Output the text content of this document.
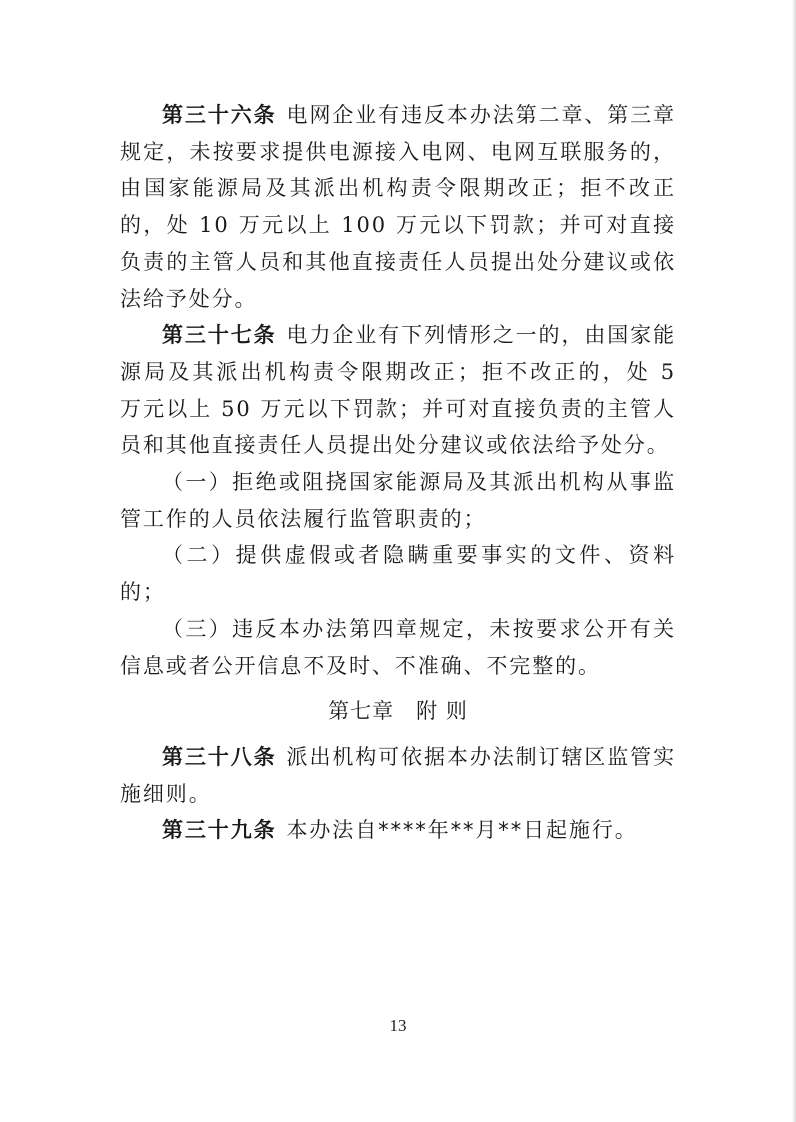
第三十六条 电网企业有违反本办法第二章、第三章规定，未按要求提供电源接入电网、电网互联服务的，由国家能源局及其派出机构责令限期改正；拒不改正的，处 10 万元以上 100 万元以下罚款；并可对直接负责的主管人员和其他直接责任人员提出处分建议或依法给予处分。

第三十七条 电力企业有下列情形之一的，由国家能源局及其派出机构责令限期改正；拒不改正的，处 5 万元以上 50 万元以下罚款；并可对直接负责的主管人员和其他直接责任人员提出处分建议或依法给予处分。

（一）拒绝或阻挠国家能源局及其派出机构从事监管工作的人员依法履行监管职责的；

（二）提供虚假或者隐瞒重要事实的文件、资料的；

（三）违反本办法第四章规定，未按要求公开有关信息或者公开信息不及时、不准确、不完整的。

第七章 附 则

第三十八条 派出机构可依据本办法制订辖区监管实施细则。

第三十九条 本办法自****年**月**日起施行。

13
